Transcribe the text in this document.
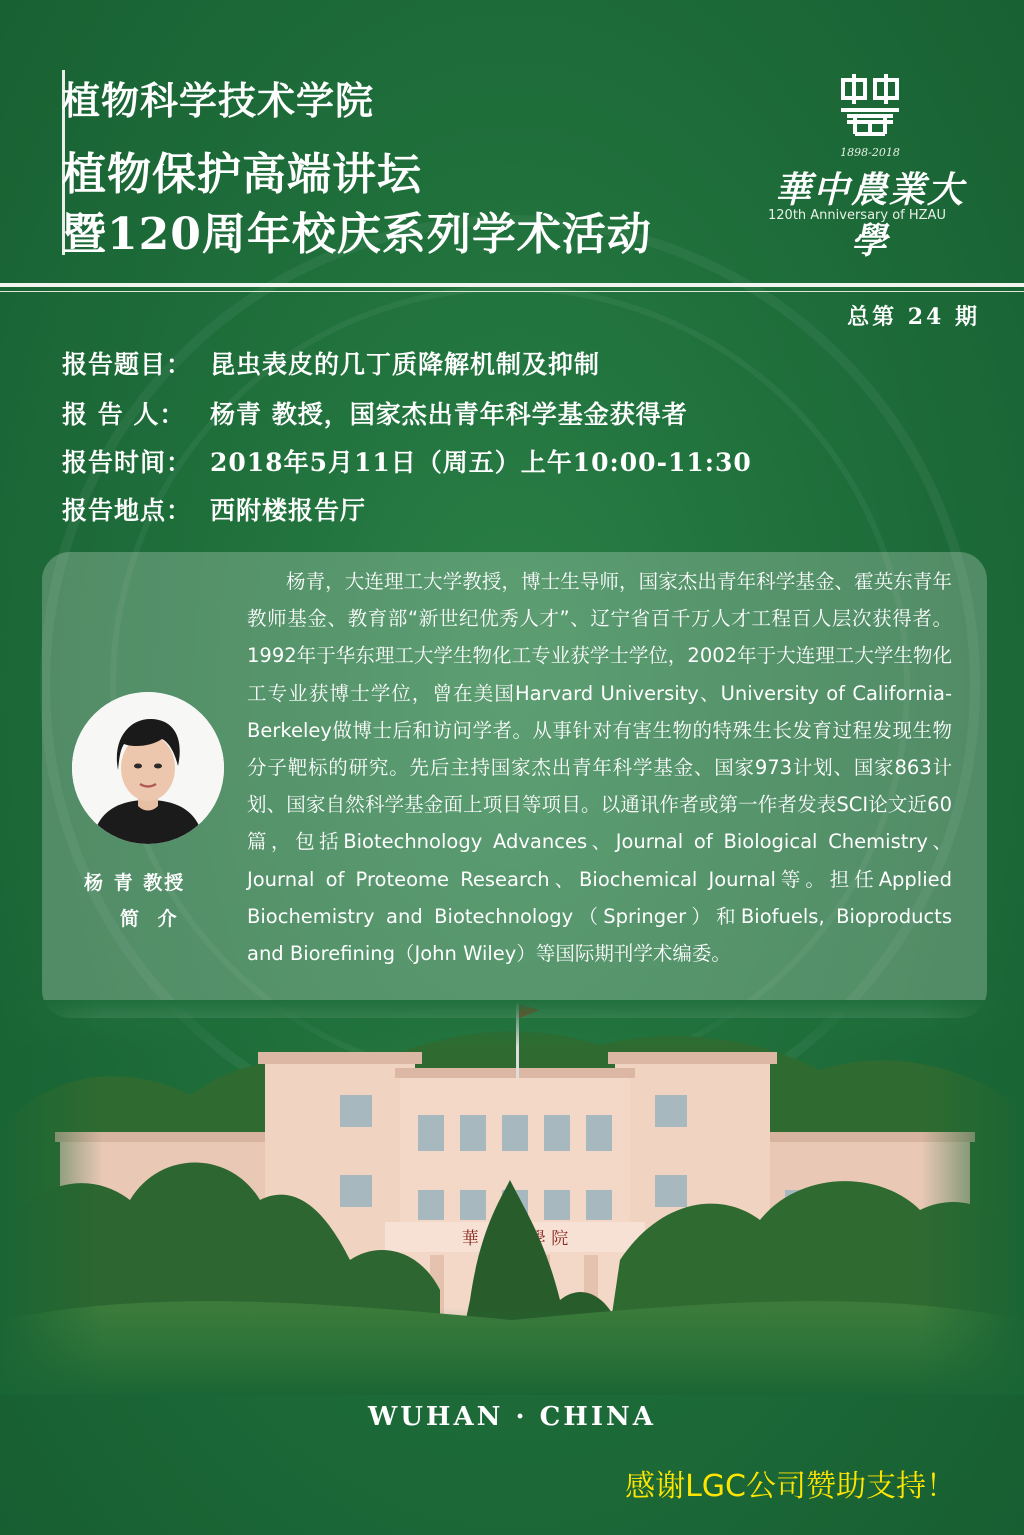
植物科学技术学院
植物保护高端讲坛
暨120周年校庆系列学术活动
1898-2018
華中農業大學
120th Anniversary of HZAU
总第 24 期
报告题目： 昆虫表皮的几丁质降解机制及抑制
报 告 人： 杨青 教授，国家杰出青年科学基金获得者
报告时间： 2018年5月11日（周五）上午10:00-11:30
报告地点： 西附楼报告厅
杨 青 教授
简 介

杨青，大连理工大学教授，博士生导师，国家杰出青年科学基金、霍英东青年教师基金、教育部“新世纪优秀人才”、辽宁省百千万人才工程百人层次获得者。1992年于华东理工大学生物化工专业获学士学位，2002年于大连理工大学生物化工专业获博士学位，曾在美国Harvard University、University of California-Berkeley做博士后和访问学者。从事针对有害生物的特殊生长发育过程发现生物分子靶标的研究。先后主持国家杰出青年科学基金、国家973计划、国家863计划、国家自然科学基金面上项目等项目。以通讯作者或第一作者发表SCI论文近60篇，包括Biotechnology Advances、Journal of Biological Chemistry、Journal of Proteome Research、Biochemical Journal等。担任Applied Biochemistry and Biotechnology（Springer）和Biofuels, Bioproducts and Biorefining（John Wiley）等国际期刊学术编委。

WUHAN · CHINA
感谢LGC公司赞助支持！
